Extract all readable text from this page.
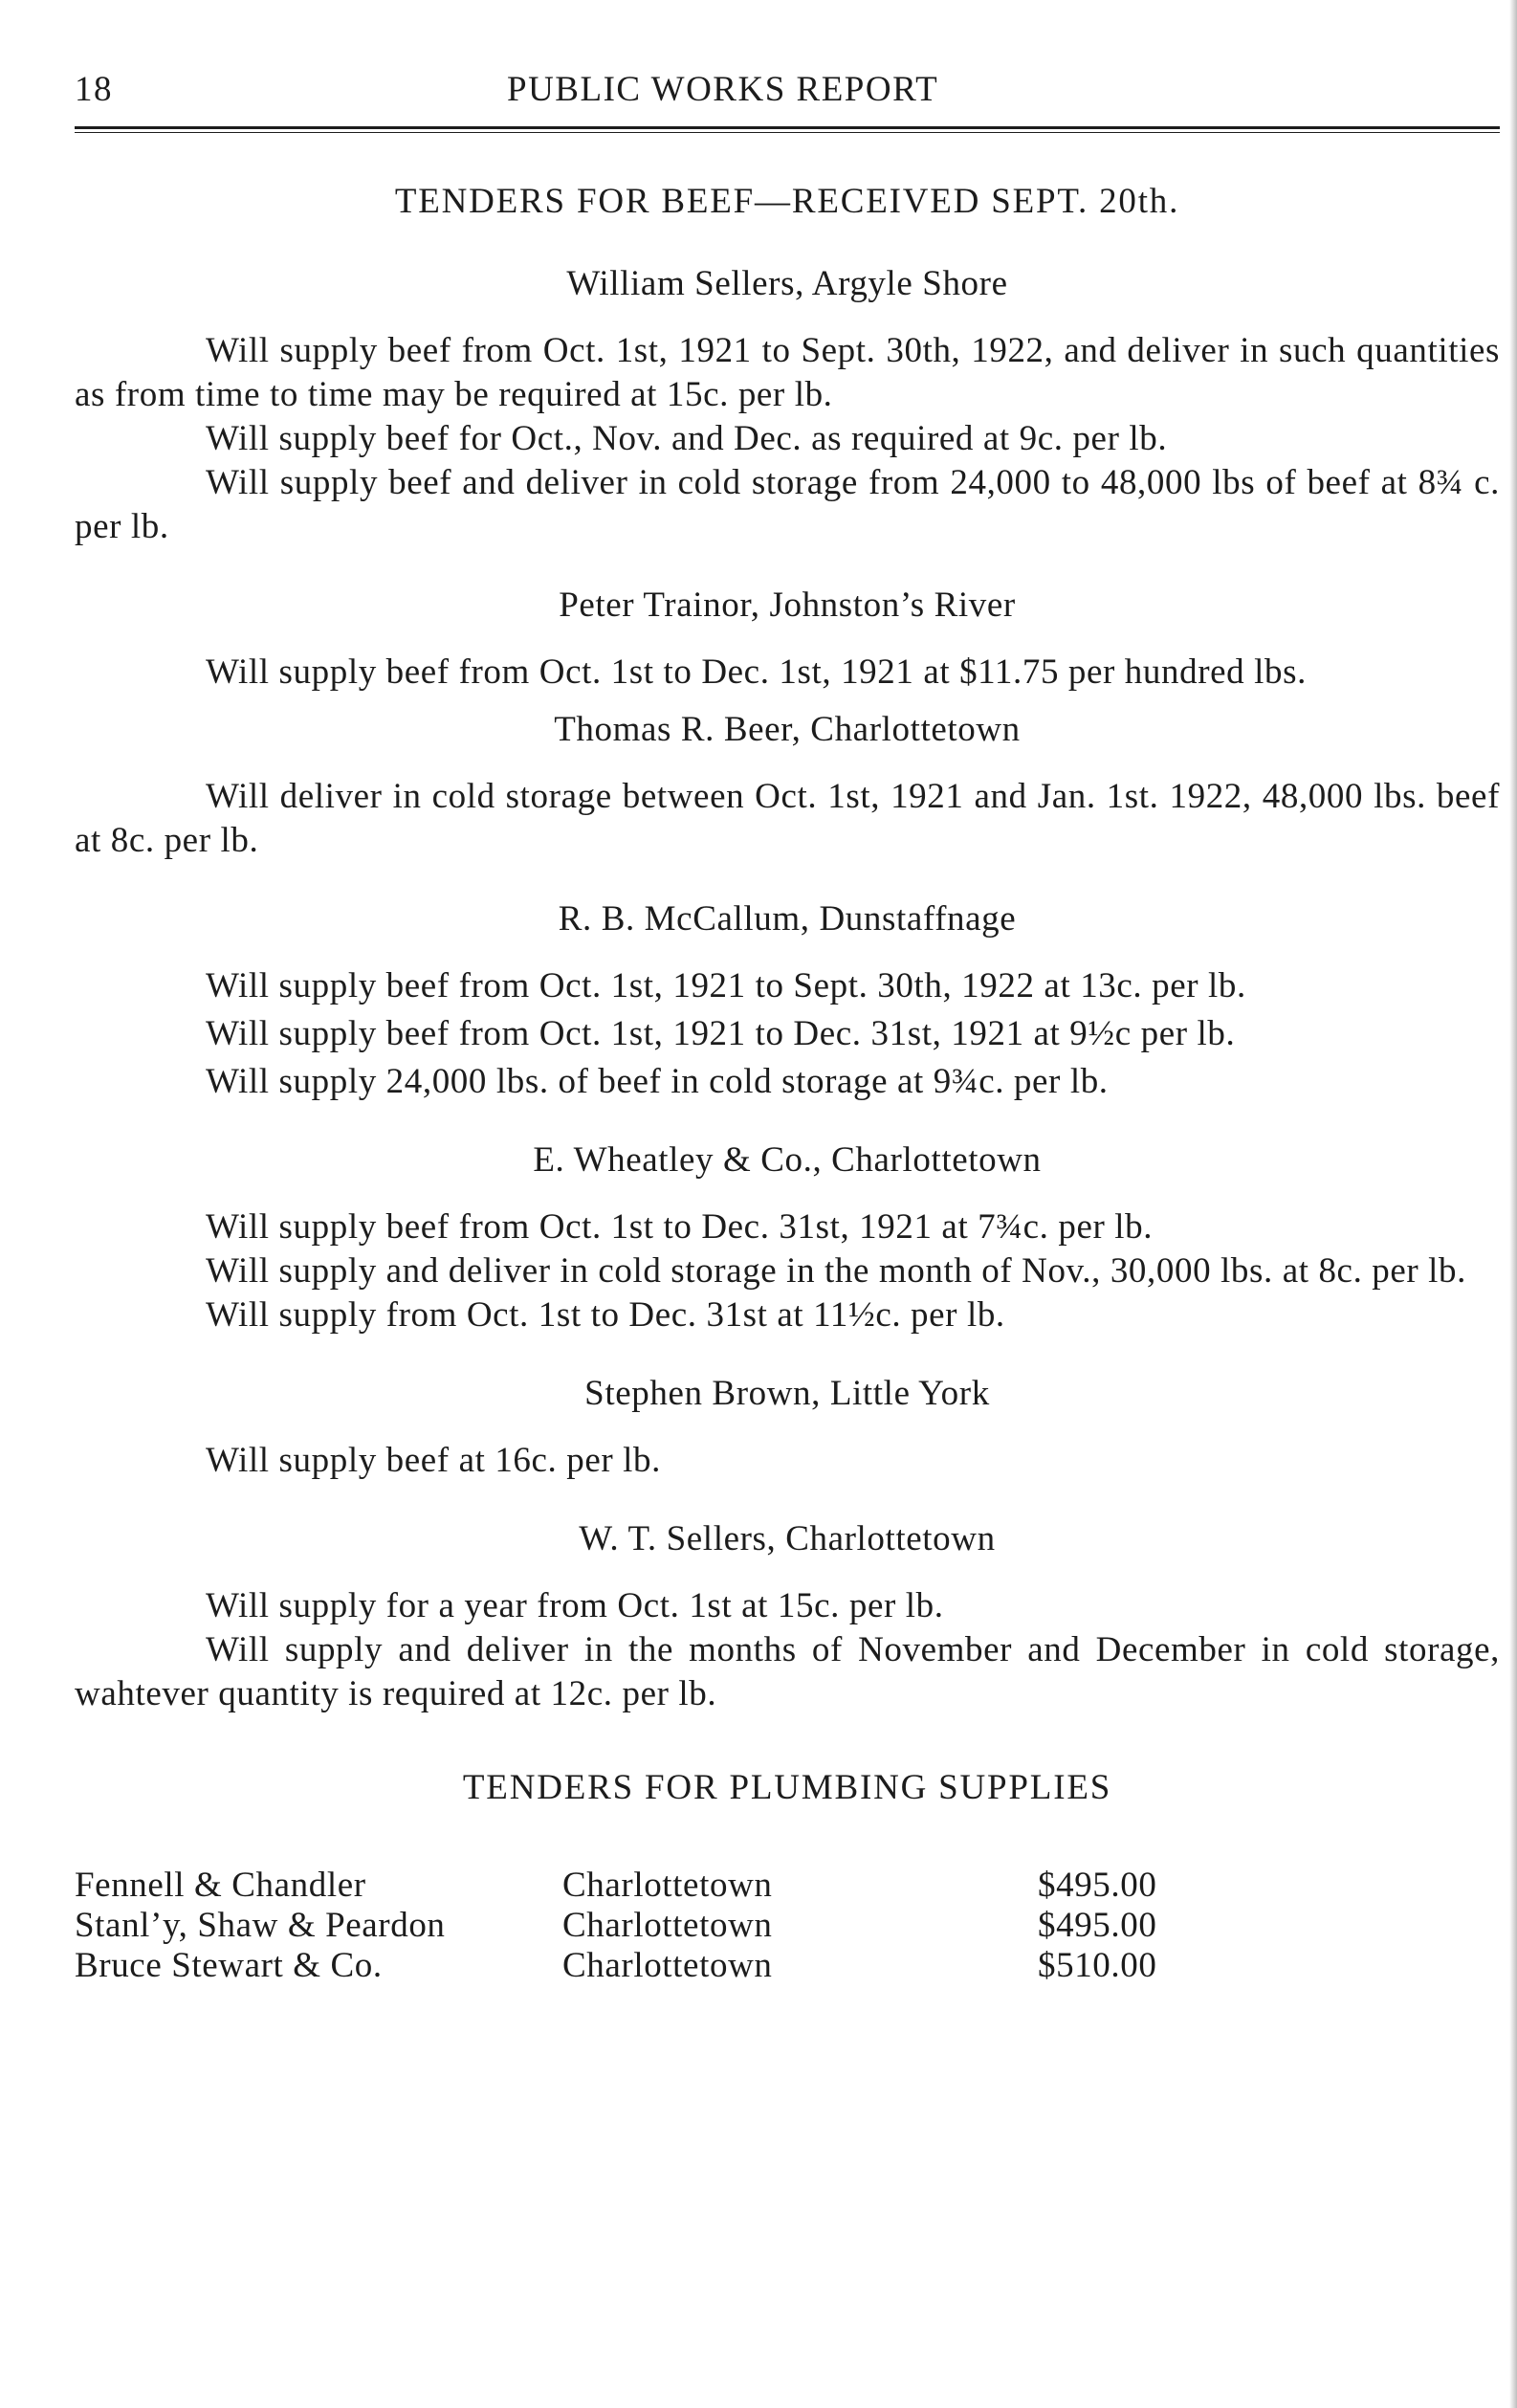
18	PUBLIC WORKS REPORT
TENDERS FOR BEEF—RECEIVED SEPT. 20th.
William Sellers, Argyle Shore

Will supply beef from Oct. 1st, 1921 to Sept. 30th, 1922, and deliver in such quantities as from time to time may be required at 15c. per lb.

Will supply beef for Oct., Nov. and Dec. as required at 9c. per lb.

Will supply beef and deliver in cold storage from 24,000 to 48,000 lbs of beef at 8¾ c. per lb.

Peter Trainor, Johnston’s River

Will supply beef from Oct. 1st to Dec. 1st, 1921 at $11.75 per hundred lbs.

Thomas R. Beer, Charlottetown

Will deliver in cold storage between Oct. 1st, 1921 and Jan. 1st. 1922, 48,000 lbs. beef at 8c. per lb.

R. B. McCallum, Dunstaffnage

Will supply beef from Oct. 1st, 1921 to Sept. 30th, 1922 at 13c. per lb.

Will supply beef from Oct. 1st, 1921 to Dec. 31st, 1921 at 9½c per lb.

Will supply 24,000 lbs. of beef in cold storage at 9¾c. per lb.

E. Wheatley & Co., Charlottetown

Will supply beef from Oct. 1st to Dec. 31st, 1921 at 7¾c. per lb.

Will supply and deliver in cold storage in the month of Nov., 30,000 lbs. at 8c. per lb.

Will supply from Oct. 1st to Dec. 31st at 11½c. per lb.

Stephen Brown, Little York

Will supply beef at 16c. per lb.

W. T. Sellers, Charlottetown

Will supply for a year from Oct. 1st at 15c. per lb.

Will supply and deliver in the months of November and December in cold storage, wahtever quantity is required at 12c. per lb.

TENDERS FOR PLUMBING SUPPLIES
Fennell & Chandler	Charlottetown	$495.00
Stanl’y, Shaw & Peardon	Charlottetown	$495.00
Bruce Stewart & Co.	Charlottetown	$510.00
